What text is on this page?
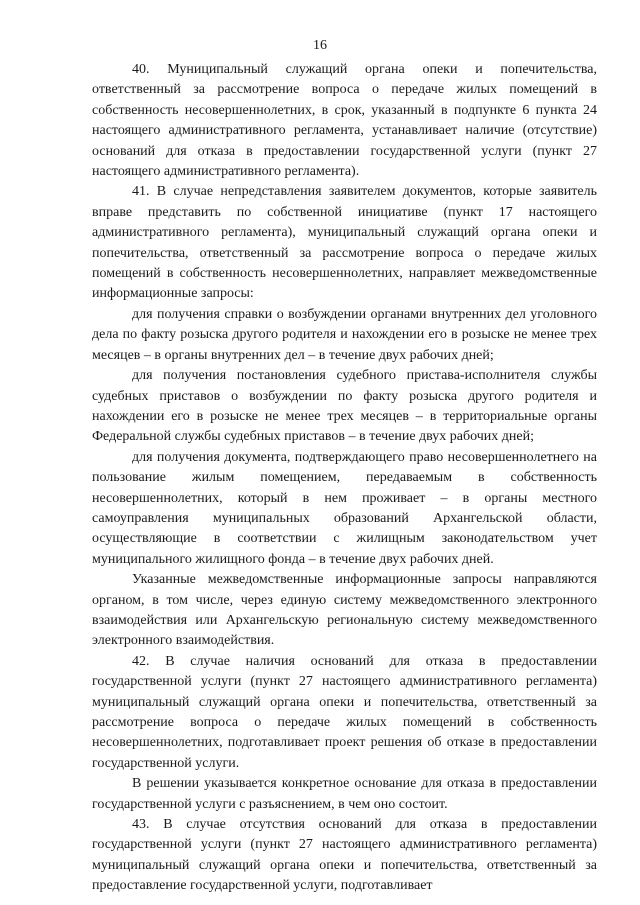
16

40. Муниципальный служащий органа опеки и попечительства, ответственный за рассмотрение вопроса о передаче жилых помещений в собственность несовершеннолетних, в срок, указанный в подпункте 6 пункта 24 настоящего административного регламента, устанавливает наличие (отсутствие) оснований для отказа в предоставлении государственной услуги (пункт 27 настоящего административного регламента).

41. В случае непредставления заявителем документов, которые заявитель вправе представить по собственной инициативе (пункт 17 настоящего административного регламента), муниципальный служащий органа опеки и попечительства, ответственный за рассмотрение вопроса о передаче жилых помещений в собственность несовершеннолетних, направляет межведомственные информационные запросы:

для получения справки о возбуждении органами внутренних дел уголовного дела по факту розыска другого родителя и нахождении его в розыске не менее трех месяцев – в органы внутренних дел – в течение двух рабочих дней;

для получения постановления судебного пристава-исполнителя службы судебных приставов о возбуждении по факту розыска другого родителя и нахождении его в розыске не менее трех месяцев – в территориальные органы Федеральной службы судебных приставов – в течение двух рабочих дней;

для получения документа, подтверждающего право несовершеннолетнего на пользование жилым помещением, передаваемым в собственность несовершеннолетних, который в нем проживает – в органы местного самоуправления муниципальных образований Архангельской области, осуществляющие в соответствии с жилищным законодательством учет муниципального жилищного фонда – в течение двух рабочих дней.

Указанные межведомственные информационные запросы направляются органом, в том числе, через единую систему межведомственного электронного взаимодействия или Архангельскую региональную систему межведомственного электронного взаимодействия.

42. В случае наличия оснований для отказа в предоставлении государственной услуги (пункт 27 настоящего административного регламента) муниципальный служащий органа опеки и попечительства, ответственный за рассмотрение вопроса о передаче жилых помещений в собственность несовершеннолетних, подготавливает проект решения об отказе в предоставлении государственной услуги.

В решении указывается конкретное основание для отказа в предоставлении государственной услуги с разъяснением, в чем оно состоит.

43. В случае отсутствия оснований для отказа в предоставлении государственной услуги (пункт 27 настоящего административного регламента) муниципальный служащий органа опеки и попечительства, ответственный за предоставление государственной услуги, подготавливает
